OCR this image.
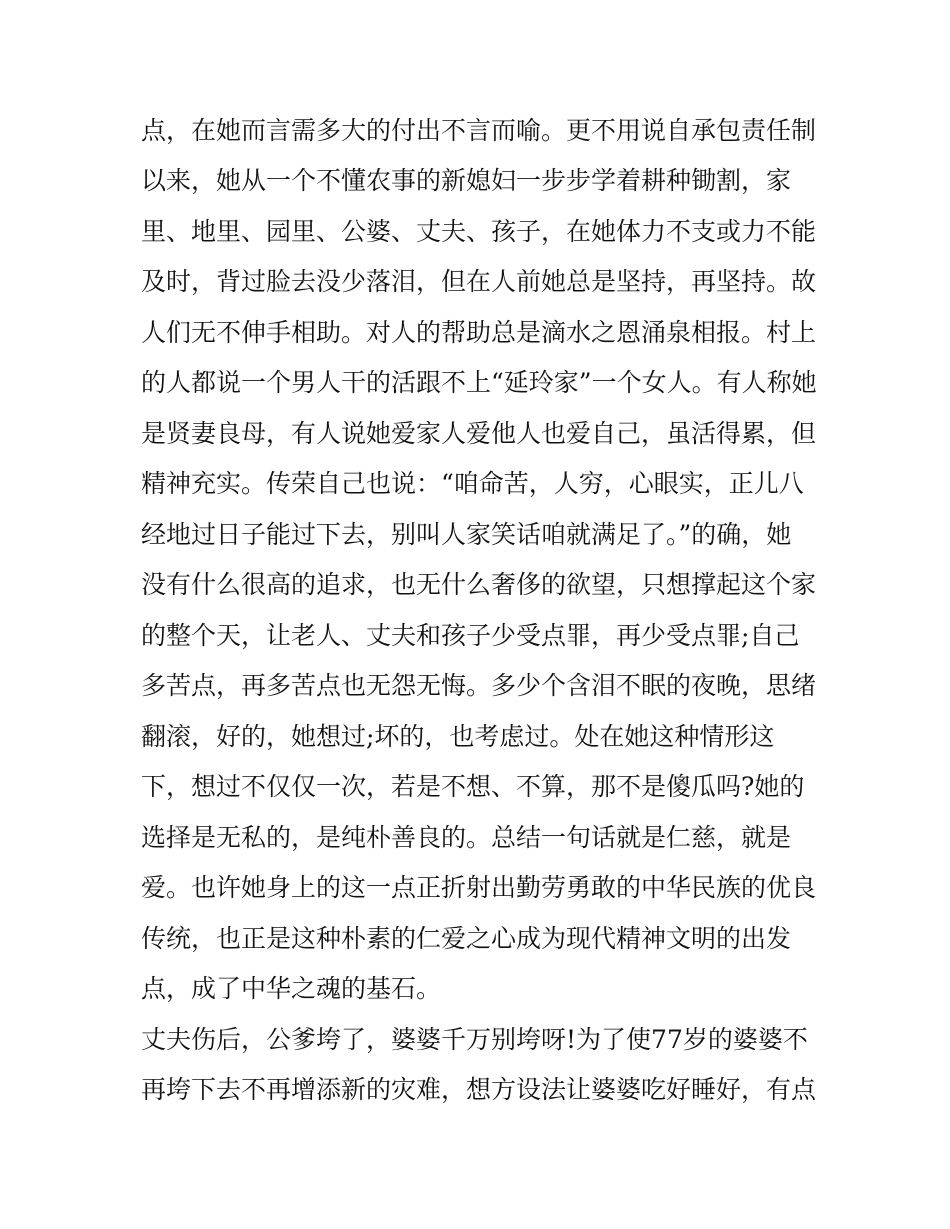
点，在她而言需多大的付出不言而喻。更不用说自承包责任制
以来，她从一个不懂农事的新媳妇一步步学着耕种锄割，家
里、地里、园里、公婆、丈夫、孩子，在她体力不支或力不能
及时，背过脸去没少落泪，但在人前她总是坚持，再坚持。故
人们无不伸手相助。对人的帮助总是滴水之恩涌泉相报。村上
的人都说一个男人干的活跟不上“延玲家”一个女人。有人称她
是贤妻良母，有人说她爱家人爱他人也爱自己，虽活得累，但
精神充实。传荣自己也说：“咱命苦，人穷，心眼实，正儿八
经地过日子能过下去，别叫人家笑话咱就满足了。”的确，她
没有什么很高的追求，也无什么奢侈的欲望，只想撑起这个家
的整个天，让老人、丈夫和孩子少受点罪，再少受点罪;自己
多苦点，再多苦点也无怨无悔。多少个含泪不眠的夜晚，思绪
翻滚，好的，她想过;坏的，也考虑过。处在她这种情形这
下，想过不仅仅一次，若是不想、不算，那不是傻瓜吗?她的
选择是无私的，是纯朴善良的。总结一句话就是仁慈，就是
爱。也许她身上的这一点正折射出勤劳勇敢的中华民族的优良
传统，也正是这种朴素的仁爱之心成为现代精神文明的出发
点，成了中华之魂的基石。
丈夫伤后，公爹垮了，婆婆千万别垮呀!为了使77岁的婆婆不
再垮下去不再增添新的灾难，想方设法让婆婆吃好睡好，有点
